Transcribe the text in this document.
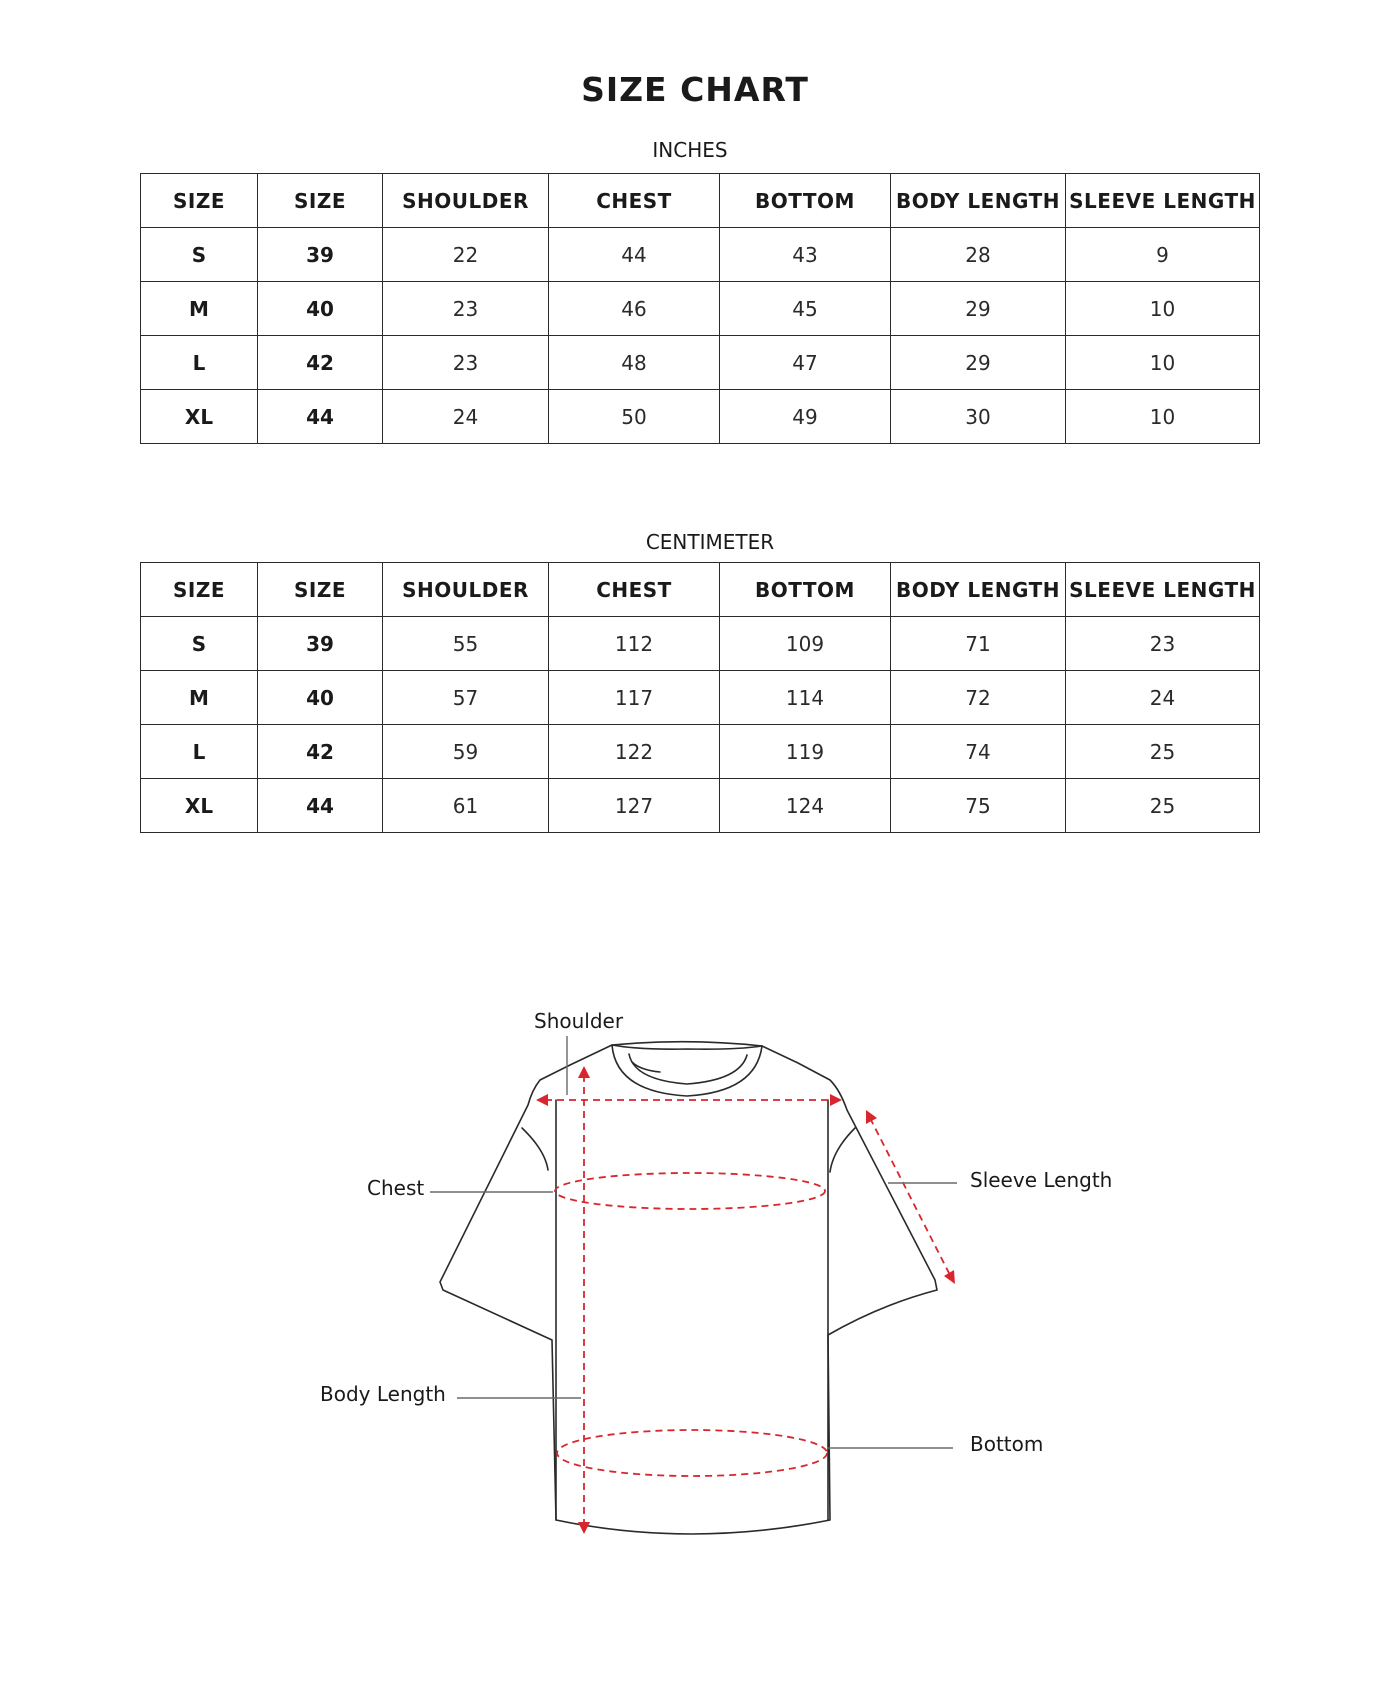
SIZE CHART
INCHES
SIZE	SIZE	SHOULDER	CHEST	BOTTOM	BODY LENGTH	SLEEVE LENGTH
S	39	22	44	43	28	9
M	40	23	46	45	29	10
L	42	23	48	47	29	10
XL	44	24	50	49	30	10
CENTIMETER
SIZE	SIZE	SHOULDER	CHEST	BOTTOM	BODY LENGTH	SLEEVE LENGTH
S	39	55	112	109	71	23
M	40	57	117	114	72	24
L	42	59	122	119	74	25
XL	44	61	127	124	75	25
Shoulder
Chest	Sleeve Length
Body Length
Bottom
